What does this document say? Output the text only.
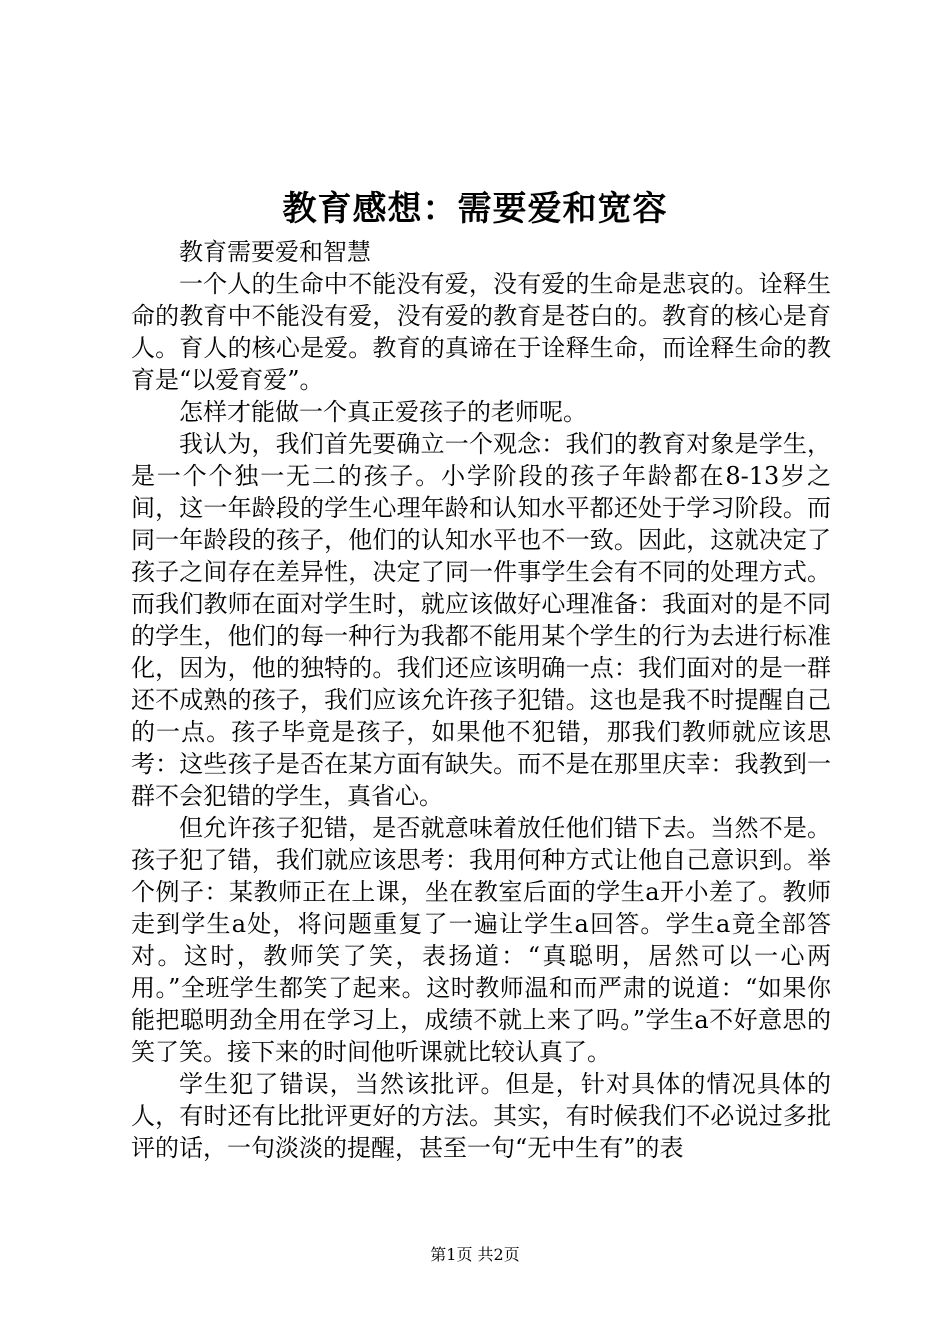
教育感想：需要爱和宽容

教育需要爱和智慧

一个人的生命中不能没有爱，没有爱的生命是悲哀的。诠释生命的教育中不能没有爱，没有爱的教育是苍白的。教育的核心是育人。育人的核心是爱。教育的真谛在于诠释生命，而诠释生命的教育是“以爱育爱”。

怎样才能做一个真正爱孩子的老师呢。

我认为，我们首先要确立一个观念：我们的教育对象是学生，是一个个独一无二的孩子。小学阶段的孩子年龄都在8-13岁之间，这一年龄段的学生心理年龄和认知水平都还处于学习阶段。而同一年龄段的孩子，他们的认知水平也不一致。因此，这就决定了孩子之间存在差异性，决定了同一件事学生会有不同的处理方式。而我们教师在面对学生时，就应该做好心理准备：我面对的是不同的学生，他们的每一种行为我都不能用某个学生的行为去进行标准化，因为，他的独特的。我们还应该明确一点：我们面对的是一群还不成熟的孩子，我们应该允许孩子犯错。这也是我不时提醒自己的一点。孩子毕竟是孩子，如果他不犯错，那我们教师就应该思考：这些孩子是否在某方面有缺失。而不是在那里庆幸：我教到一群不会犯错的学生，真省心。

但允许孩子犯错，是否就意味着放任他们错下去。当然不是。孩子犯了错，我们就应该思考：我用何种方式让他自己意识到。举个例子：某教师正在上课，坐在教室后面的学生a开小差了。教师走到学生a处，将问题重复了一遍让学生a回答。学生a竟全部答对。这时，教师笑了笑，表扬道：“真聪明，居然可以一心两用。”全班学生都笑了起来。这时教师温和而严肃的说道：“如果你能把聪明劲全用在学习上，成绩不就上来了吗。”学生a不好意思的笑了笑。接下来的时间他听课就比较认真了。

学生犯了错误，当然该批评。但是，针对具体的情况具体的人，有时还有比批评更好的方法。其实，有时候我们不必说过多批评的话，一句淡淡的提醒，甚至一句“无中生有”的表

第1页 共2页
